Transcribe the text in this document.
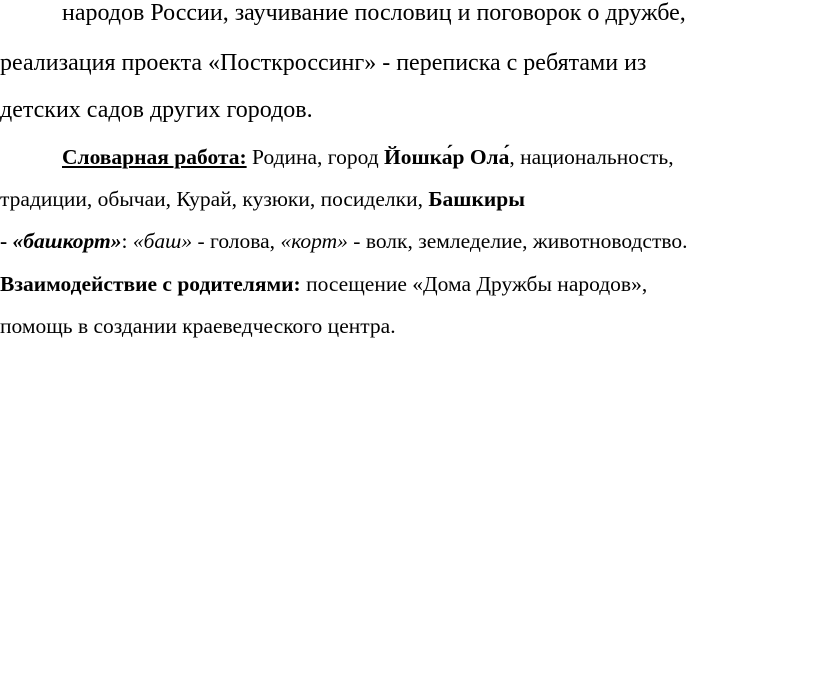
народов России, заучивание пословиц и поговорок о дружбе,
реализация проекта «Посткроссинг» - переписка с ребятами из
детских садов других городов.
Словарная работа: Родина, город Йошка́р Ола́, национальность,
традиции, обычаи, Курай, кузюки, посиделки, Башкиры
- «башкорт»: «баш» - голова, «корт» - волк, земледелие, животноводство.
Взаимодействие с родителями: посещение «Дома Дружбы народов»,
помощь в создании краеведческого центра.
